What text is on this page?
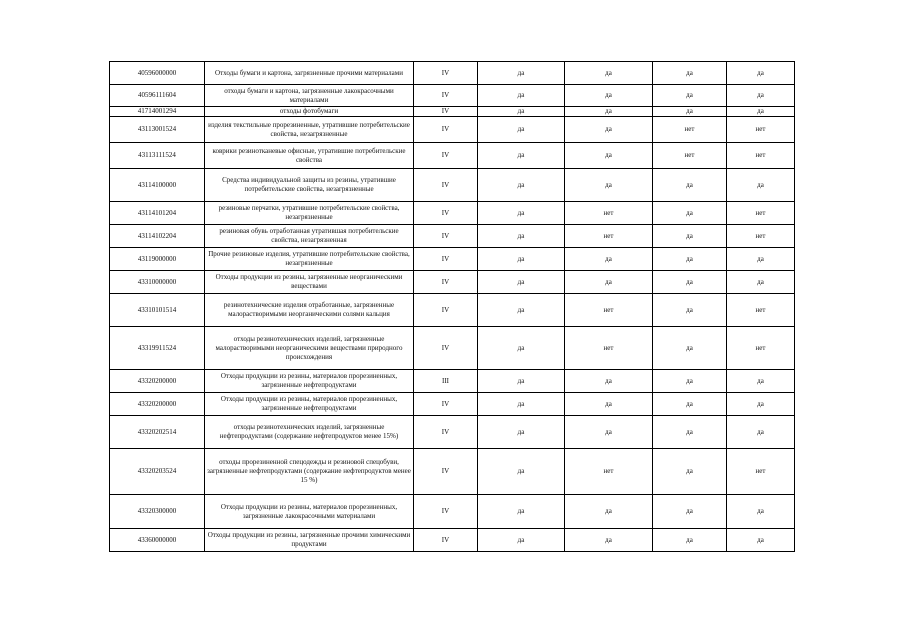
40596000000	Отходы бумаги и картона, загрязненные прочими материалами	IV	да	да	да	да
40596111604	отходы бумаги и картона, загрязненные лакокрасочными материалами	IV	да	да	да	да
41714001294	отходы фотобумаги	IV	да	да	да	да
43113001524	изделия текстильные прорезиненные, утратившие потребительские свойства, незагрязненные	IV	да	да	нет	нет
43113111524	коврики резинотканевые офисные, утратившие потребительские свойства	IV	да	да	нет	нет
43114100000	Средства индивидуальной защиты из резины, утратившие потребительские свойства, незагрязненные	IV	да	да	да	да
43114101204	резиновые перчатки, утратившие потребительские свойства, незагрязненные	IV	да	нет	да	нет
43114102204	резиновая обувь отработанная утратившая потребительские свойства, незагрязненная	IV	да	нет	да	нет
43119000000	Прочие резиновые изделия, утратившие потребительские свойства, незагрязненные	IV	да	да	да	да
43310000000	Отходы продукции из резины, загрязненные неорганическими веществами	IV	да	да	да	да
43310101514	резинотехнические изделия отработанные, загрязненные малорастворимыми неорганическими солями кальция	IV	да	нет	да	нет
43319911524	отходы резинотехнических изделий, загрязненные малорастворимыми неорганическими веществами природного происхождения	IV	да	нет	да	нет
43320200000	Отходы продукции из резины, материалов прорезиненных, загрязненные нефтепродуктами	III	да	да	да	да
43320200000	Отходы продукции из резины, материалов прорезиненных, загрязненные нефтепродуктами	IV	да	да	да	да
43320202514	отходы резинотехнических изделий, загрязненные нефтепродуктами (содержание нефтепродуктов менее 15%)	IV	да	да	да	да
43320203524	отходы прорезиненной спецодежды и резиновой спецобуви, загрязненные нефтепродуктами (содержание нефтепродуктов менее 15 %)	IV	да	нет	да	нет
43320300000	Отходы продукции из резины, материалов прорезиненных, загрязненные лакокрасочными материалами	IV	да	да	да	да
43360000000	Отходы продукции из резины, загрязненные прочими химическими продуктами	IV	да	да	да	да
